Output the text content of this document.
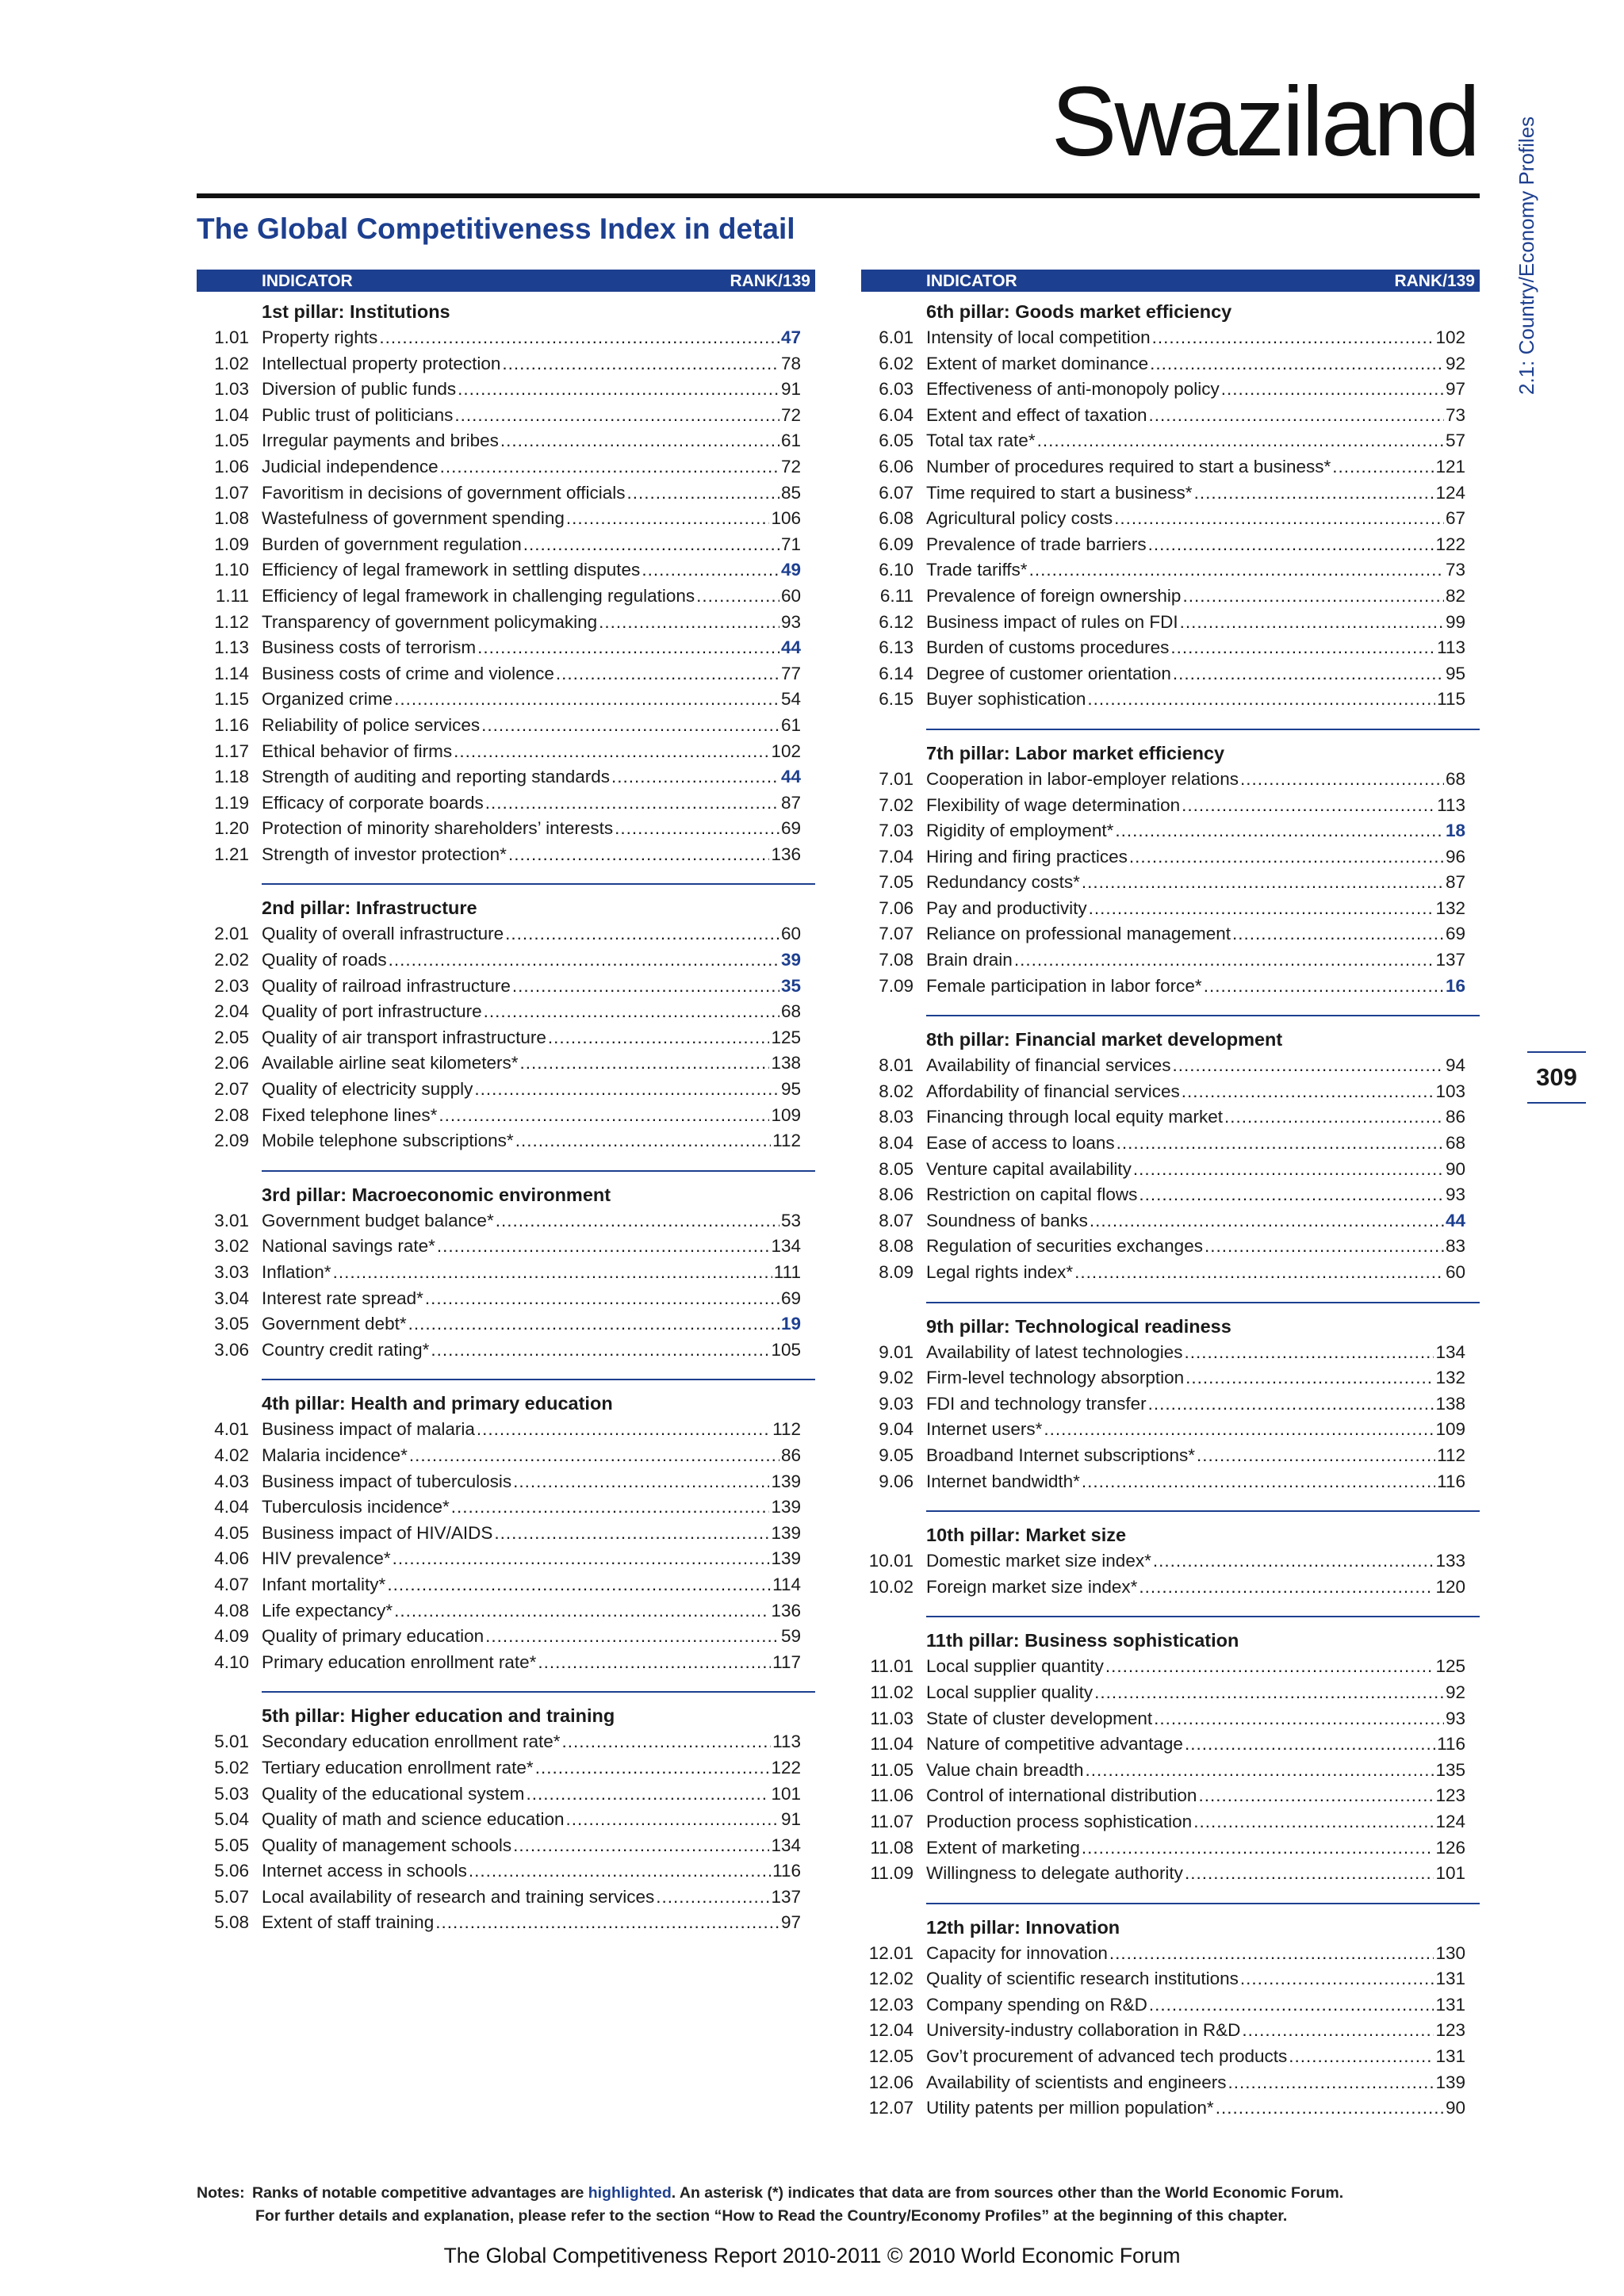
Swaziland
The Global Competitiveness Index in detail	2.1: Country/Economy Profiles
309
INDICATOR	RANK/139
1st pillar: Institutions
1.01 Property rights .....	47
1.02 Intellectual property protection .....	78
1.03 Diversion of public funds .....	91
1.04 Public trust of politicians .....	72
1.05 Irregular payments and bribes .....	61
1.06 Judicial independence .....	72
1.07 Favoritism in decisions of government officials .....	85
1.08 Wastefulness of government spending .....	106
1.09 Burden of government regulation .....	71
1.10 Efficiency of legal framework in settling disputes .....	49
1.11 Efficiency of legal framework in challenging regulations .....	60
1.12 Transparency of government policymaking .....	93
1.13 Business costs of terrorism .....	44
1.14 Business costs of crime and violence .....	77
1.15 Organized crime .....	54
1.16 Reliability of police services .....	61
1.17 Ethical behavior of firms .....	102
1.18 Strength of auditing and reporting standards .....	44
1.19 Efficacy of corporate boards .....	87
1.20 Protection of minority shareholders’ interests .....	69
1.21 Strength of investor protection* .....	136
2nd pillar: Infrastructure
2.01 Quality of overall infrastructure .....	60
2.02 Quality of roads .....	39
2.03 Quality of railroad infrastructure .....	35
2.04 Quality of port infrastructure .....	68
2.05 Quality of air transport infrastructure .....	125
2.06 Available airline seat kilometers* .....	138
2.07 Quality of electricity supply .....	95
2.08 Fixed telephone lines* .....	109
2.09 Mobile telephone subscriptions* .....	112
3rd pillar: Macroeconomic environment
3.01 Government budget balance* .....	53
3.02 National savings rate* .....	134
3.03 Inflation* .....	111
3.04 Interest rate spread* .....	69
3.05 Government debt* .....	19
3.06 Country credit rating* .....	105
4th pillar: Health and primary education
4.01 Business impact of malaria .....	112
4.02 Malaria incidence* .....	86
4.03 Business impact of tuberculosis .....	139
4.04 Tuberculosis incidence* .....	139
4.05 Business impact of HIV/AIDS .....	139
4.06 HIV prevalence* .....	139
4.07 Infant mortality* .....	114
4.08 Life expectancy* .....	136
4.09 Quality of primary education .....	59
4.10 Primary education enrollment rate* .....	117
5th pillar: Higher education and training
5.01 Secondary education enrollment rate* .....	113
5.02 Tertiary education enrollment rate* .....	122
5.03 Quality of the educational system .....	101
5.04 Quality of math and science education .....	91
5.05 Quality of management schools .....	134
5.06 Internet access in schools .....	116
5.07 Local availability of research and training services .....	137
5.08 Extent of staff training .....	97
INDICATOR	RANK/139
6th pillar: Goods market efficiency
6.01 Intensity of local competition .....	102
6.02 Extent of market dominance .....	92
6.03 Effectiveness of anti-monopoly policy .....	97
6.04 Extent and effect of taxation .....	73
6.05 Total tax rate* .....	57
6.06 Number of procedures required to start a business* .....	121
6.07 Time required to start a business* .....	124
6.08 Agricultural policy costs .....	67
6.09 Prevalence of trade barriers .....	122
6.10 Trade tariffs* .....	73
6.11 Prevalence of foreign ownership .....	82
6.12 Business impact of rules on FDI .....	99
6.13 Burden of customs procedures .....	113
6.14 Degree of customer orientation .....	95
6.15 Buyer sophistication .....	115
7th pillar: Labor market efficiency
7.01 Cooperation in labor-employer relations .....	68
7.02 Flexibility of wage determination .....	113
7.03 Rigidity of employment* .....	18
7.04 Hiring and firing practices .....	96
7.05 Redundancy costs* .....	87
7.06 Pay and productivity .....	132
7.07 Reliance on professional management .....	69
7.08 Brain drain .....	137
7.09 Female participation in labor force* .....	16
8th pillar: Financial market development
8.01 Availability of financial services .....	94
8.02 Affordability of financial services .....	103
8.03 Financing through local equity market .....	86
8.04 Ease of access to loans .....	68
8.05 Venture capital availability .....	90
8.06 Restriction on capital flows .....	93
8.07 Soundness of banks .....	44
8.08 Regulation of securities exchanges .....	83
8.09 Legal rights index* .....	60
9th pillar: Technological readiness
9.01 Availability of latest technologies .....	134
9.02 Firm-level technology absorption .....	132
9.03 FDI and technology transfer .....	138
9.04 Internet users* .....	109
9.05 Broadband Internet subscriptions* .....	112
9.06 Internet bandwidth* .....	116
10th pillar: Market size
10.01 Domestic market size index* .....	133
10.02 Foreign market size index* .....	120
11th pillar: Business sophistication
11.01 Local supplier quantity .....	125
11.02 Local supplier quality .....	92
11.03 State of cluster development .....	93
11.04 Nature of competitive advantage .....	116
11.05 Value chain breadth .....	135
11.06 Control of international distribution .....	123
11.07 Production process sophistication .....	124
11.08 Extent of marketing .....	126
11.09 Willingness to delegate authority .....	101
12th pillar: Innovation
12.01 Capacity for innovation .....	130
12.02 Quality of scientific research institutions .....	131
12.03 Company spending on R&D .....	131
12.04 University-industry collaboration in R&D .....	123
12.05 Gov’t procurement of advanced tech products .....	131
12.06 Availability of scientists and engineers .....	139
12.07 Utility patents per million population* .....	90
Notes: Ranks of notable competitive advantages are highlighted. An asterisk (*) indicates that data are from sources other than the World Economic Forum.
For further details and explanation, please refer to the section “How to Read the Country/Economy Profiles” at the beginning of this chapter.
The Global Competitiveness Report 2010-2011 © 2010 World Economic Forum
